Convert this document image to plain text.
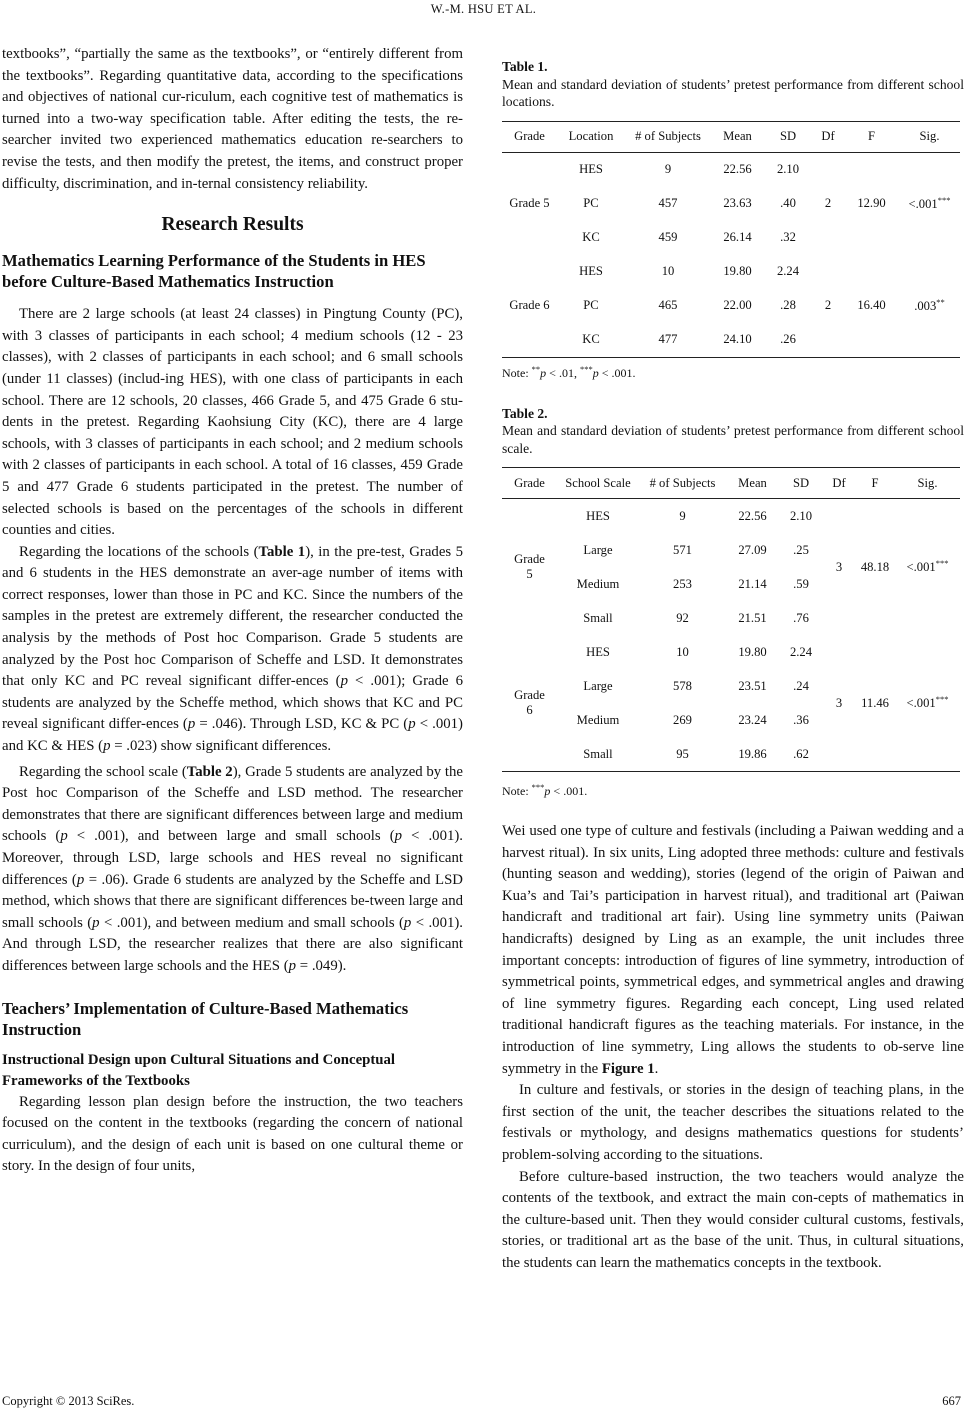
W.-M. HSU ET AL.

textbooks”, “partially the same as the textbooks”, or “entirely different from the textbooks”. Regarding quantitative data, according to the specifications and objectives of national cur-riculum, each cognitive test of mathematics is turned into a two-way specification table. After editing the tests, the re-searcher invited two experienced mathematics education re-searchers to revise the tests, and then modify the pretest, the items, and construct proper difficulty, discrimination, and in-ternal consistency reliability.

Research Results
Mathematics Learning Performance of the Students in HES before Culture-Based Mathematics Instruction

There are 2 large schools (at least 24 classes) in Pingtung County (PC), with 3 classes of participants in each school; 4 medium schools (12 - 23 classes), with 2 classes of participants in each school; and 6 small schools (under 11 classes) (includ-ing HES), with one class of participants in each school. There are 12 schools, 20 classes, 466 Grade 5, and 475 Grade 6 stu-dents in the pretest. Regarding Kaohsiung City (KC), there are 4 large schools, with 3 classes of participants in each school; and 2 medium schools with 2 classes of participants in each school. A total of 16 classes, 459 Grade 5 and 477 Grade 6 students participated in the pretest. The number of selected schools is based on the percentages of the schools in different counties and cities.

Regarding the locations of the schools (Table 1), in the pre-test, Grades 5 and 6 students in the HES demonstrate an aver-age number of items with correct responses, lower than those in PC and KC. Since the numbers of the samples in the pretest are extremely different, the researcher conducted the analysis by the methods of Post hoc Comparison. Grade 5 students are analyzed by the Post hoc Comparison of Scheffe and LSD. It demonstrates that only KC and PC reveal significant differ-ences (p < .001); Grade 6 students are analyzed by the Scheffe method, which shows that KC and PC reveal significant differ-ences (p = .046). Through LSD, KC & PC (p < .001) and KC & HES (p = .023) show significant differences.

Regarding the school scale (Table 2), Grade 5 students are analyzed by the Post hoc Comparison of the Scheffe and LSD method. The researcher demonstrates that there are significant differences between large and medium schools (p < .001), and between large and small schools (p < .001). Moreover, through LSD, large schools and HES reveal no significant differences (p = .06). Grade 6 students are analyzed by the Scheffe and LSD method, which shows that there are significant differences be-tween large and small schools (p < .001), and between medium and small schools (p < .001). And through LSD, the researcher realizes that there are also significant differences between large schools and the HES (p = .049).

Teachers’ Implementation of Culture-Based Mathematics Instruction
Instructional Design upon Cultural Situations and Conceptual Frameworks of the Textbooks

Regarding lesson plan design before the instruction, the two teachers focused on the content in the textbooks (regarding the concern of national curriculum), and the design of each unit is based on one cultural theme or story. In the design of four units,

Table 1.
Mean and standard deviation of students’ pretest performance from different school locations.
Grade	Location	# of Subjects	Mean	SD	Df	F	Sig.
Grade 5	HES	9	22.56	2.10	2	12.90	<.001***
	PC	457	23.63	.40			
	KC	459	26.14	.32			
Grade 6	HES	10	19.80	2.24	2	16.40	.003**
	PC	465	22.00	.28			
	KC	477	24.10	.26			
Note: **p < .01, ***p < .001.
Table 2.
Mean and standard deviation of students’ pretest performance from different school scale.
Grade	School Scale	# of Subjects	Mean	SD	Df	F	Sig.
Grade
5	HES	9	22.56	2.10	3	48.18	<.001***
	Large	571	27.09	.25			
	Medium	253	21.14	.59			
	Small	92	21.51	.76			
Grade
6	HES	10	19.80	2.24	3	11.46	<.001***
	Large	578	23.51	.24			
	Medium	269	23.24	.36			
	Small	95	19.86	.62			
Note: ***p < .001.

Wei used one type of culture and festivals (including a Paiwan wedding and a harvest ritual). In six units, Ling adopted three methods: culture and festivals (hunting season and wedding), stories (legend of the origin of Paiwan and Kua’s and Tai’s participation in harvest ritual), and traditional art (Paiwan handicraft and traditional art fair). Using line symmetry units (Paiwan handicrafts) designed by Ling as an example, the unit includes three important concepts: introduction of figures of line symmetry, introduction of symmetrical points, symmetrical edges, and symmetrical angles and drawing of line symmetry figures. Regarding each concept, Ling used related traditional handicraft figures as the teaching materials. For instance, in the introduction of line symmetry, Ling allows the students to ob-serve line symmetry in the Figure 1.

In culture and festivals, or stories in the design of teaching plans, in the first section of the unit, the teacher describes the situations related to the festivals or mythology, and designs mathematics questions for students’ problem-solving according to the situations.

Before culture-based instruction, the two teachers would analyze the contents of the textbook, and extract the main con-cepts of mathematics in the culture-based unit. Then they would consider cultural customs, festivals, stories, or traditional art as the base of the unit. Thus, in cultural situations, the students can learn the mathematics concepts in the textbook.

Copyright © 2013 SciRes.	667
